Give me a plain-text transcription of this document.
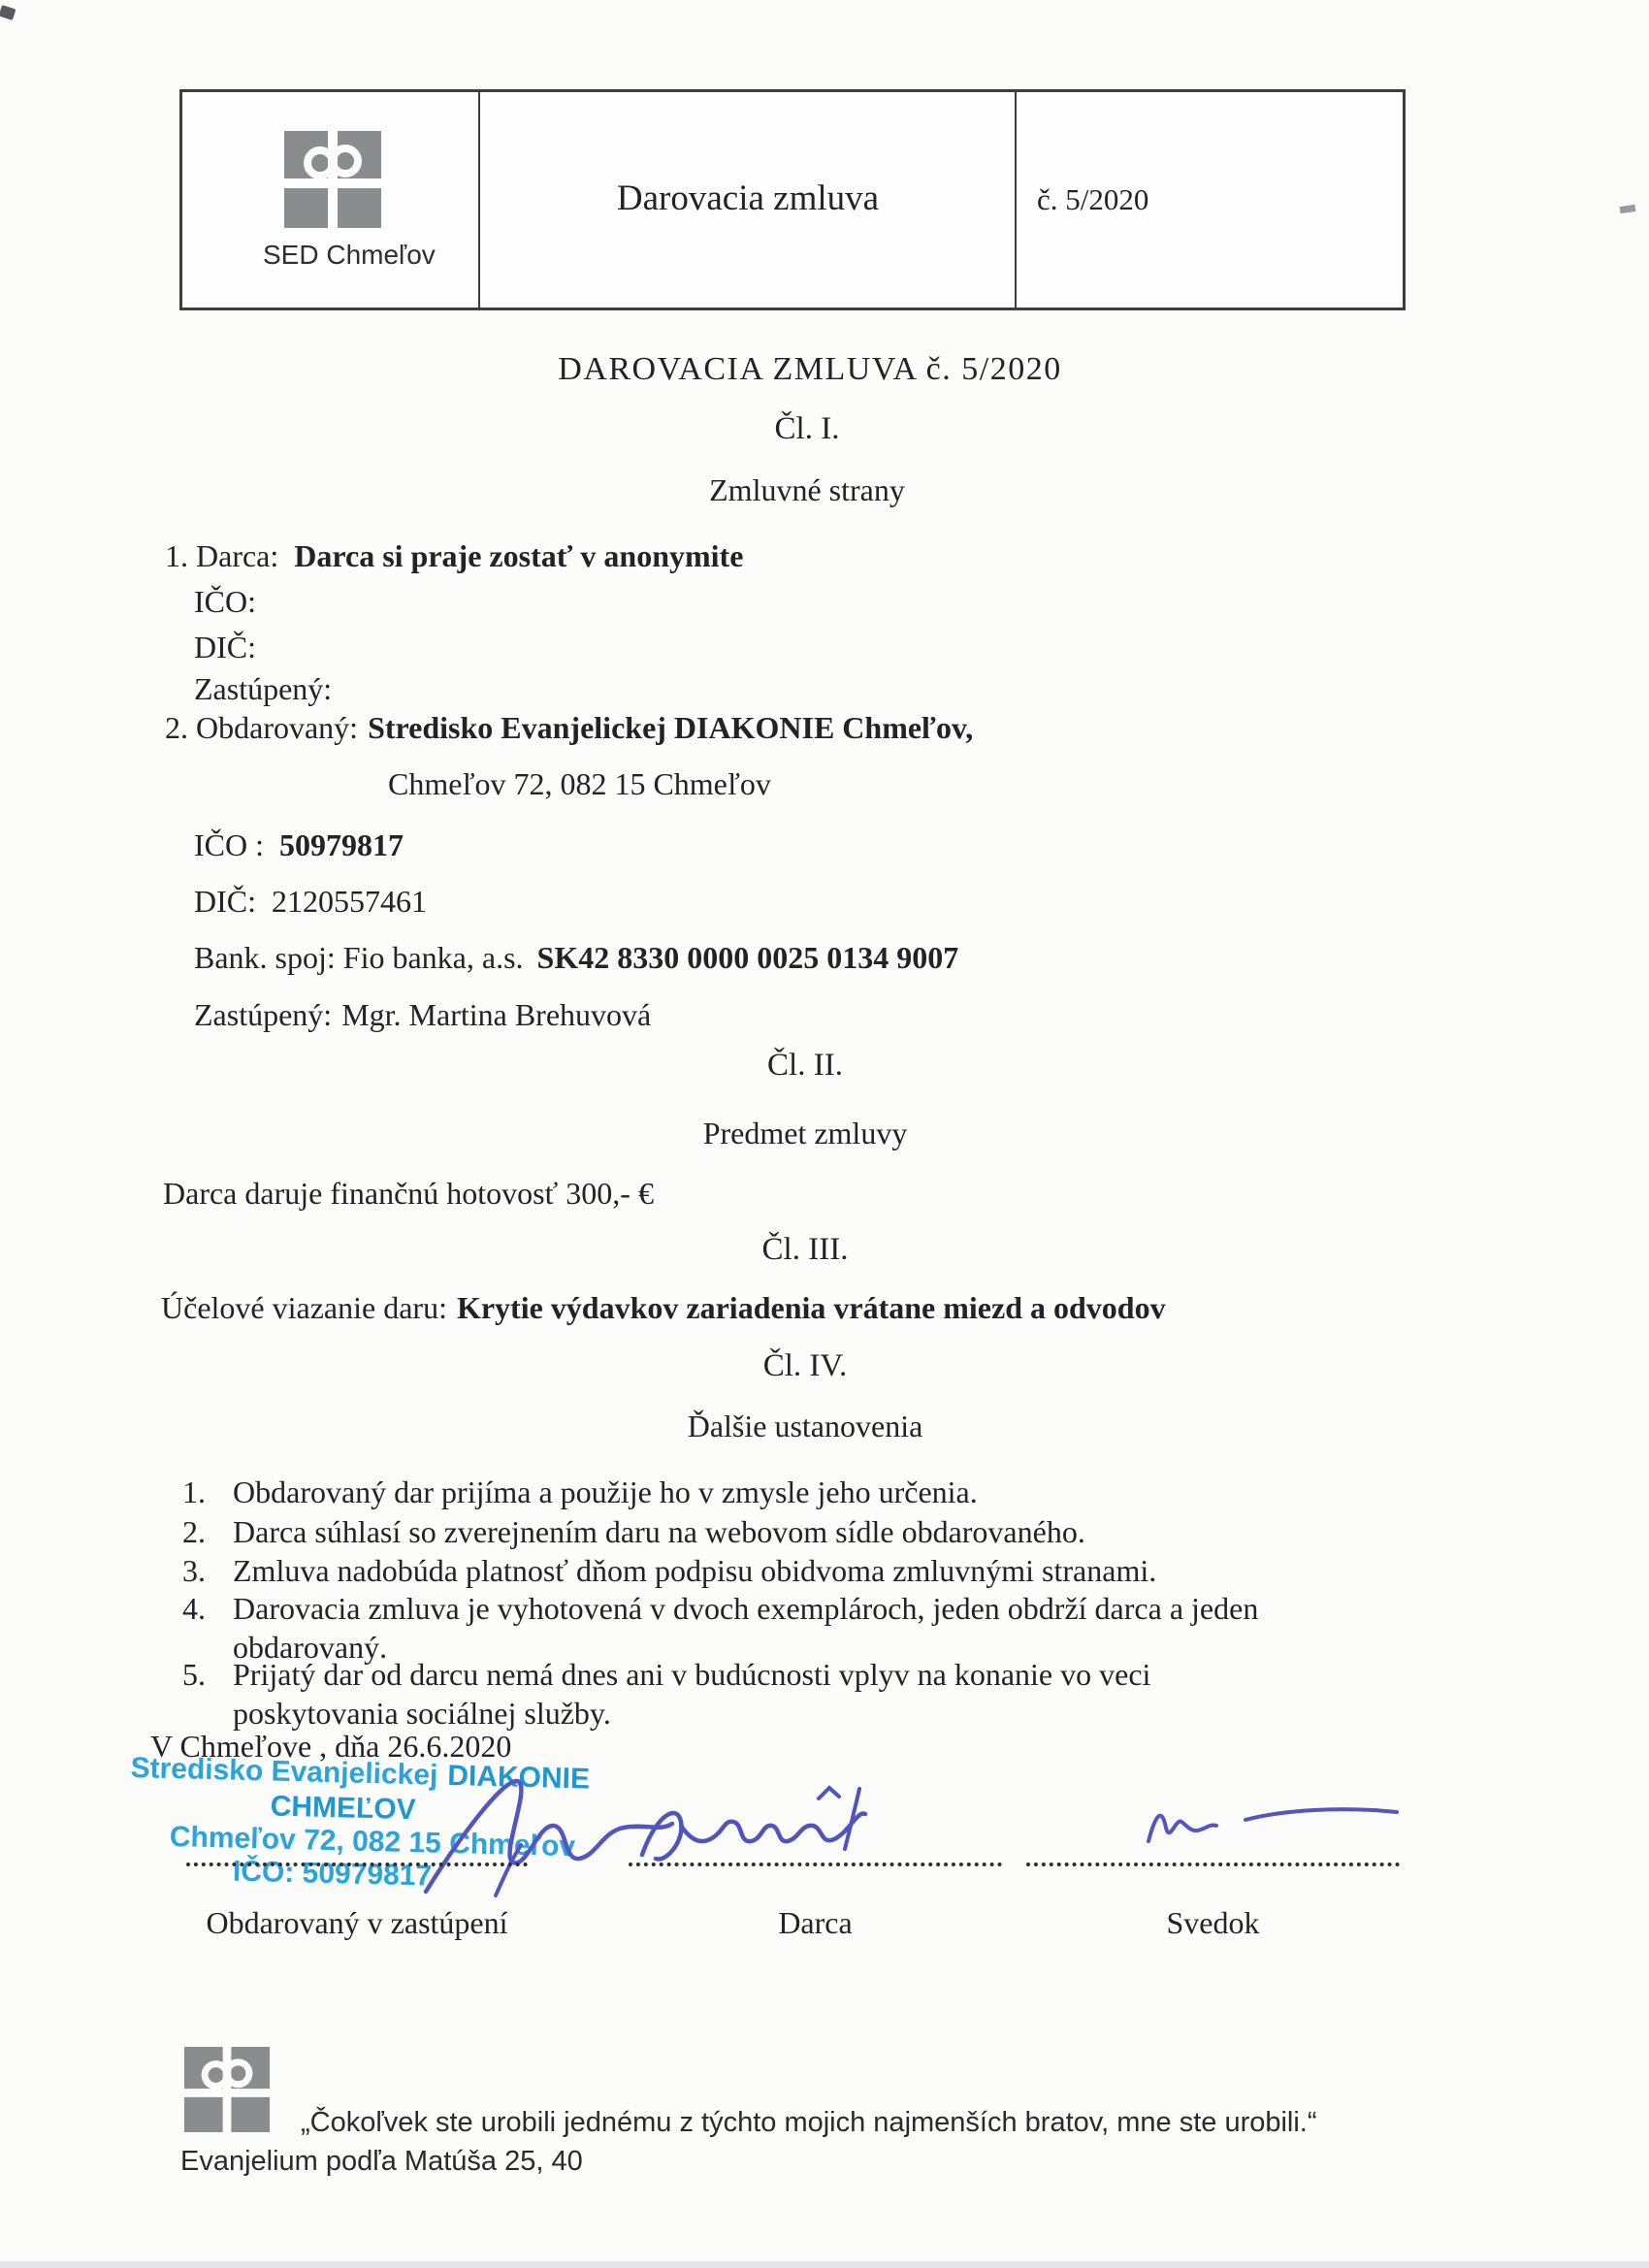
SED Chmeľov
Darovacia zmluva	č. 5/2020
DAROVACIA ZMLUVA č. 5/2020
Čl. I.
Zmluvné strany
1. Darca: Darca si praje zostať v anonymite
IČO:
DIČ:
Zastúpený:
2. Obdarovaný: Stredisko Evanjelickej DIAKONIE Chmeľov,
Chmeľov 72, 082 15 Chmeľov
IČO : 50979817
DIČ: 2120557461
Bank. spoj: Fio banka, a.s. SK42 8330 0000 0025 0134 9007
Zastúpený: Mgr. Martina Brehuvová
Čl. II.
Predmet zmluvy
Darca daruje finančnú hotovosť 300,- €
Čl. III.
Účelové viazanie daru: Krytie výdavkov zariadenia vrátane miezd a odvodov
Čl. IV.
Ďalšie ustanovenia
1. Obdarovaný dar prijíma a použije ho v zmysle jeho určenia.
2. Darca súhlasí so zverejnením daru na webovom sídle obdarovaného.
3. Zmluva nadobúda platnosť dňom podpisu obidvoma zmluvnými stranami.
4. Darovacia zmluva je vyhotovená v dvoch exemplároch, jeden obdrží darca a jeden obdarovaný.
5. Prijatý dar od darcu nemá dnes ani v budúcnosti vplyv na konanie vo veci poskytovania sociálnej služby.
V Chmeľove , dňa 26.6.2020
Stredisko Evanjelickej DIAKONIE
CHMEĽOV
Chmeľov 72, 082 15 Chmeľov
IČO: 50979817
Obdarovaný v zastúpení	Darca	Svedok
„Čokoľvek ste urobili jednému z týchto mojich najmenších bratov, mne ste urobili.“
Evanjelium podľa Matúša 25, 40
